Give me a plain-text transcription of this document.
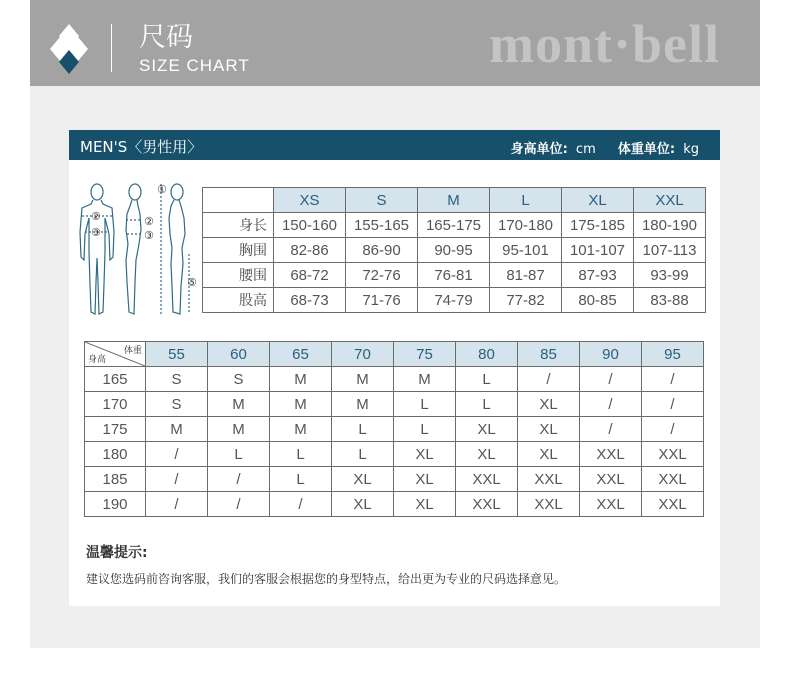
尺码
SIZE CHART	mont·bell
MEN'S〈男性用〉	身高单位: cm 体重单位: kg
①
②
③
②
③
⑤
	XS	S	M	L	XL	XXL
身长	150-160	155-165	165-175	170-180	175-185	180-190
胸围	82-86	86-90	90-95	95-101	101-107	107-113
腰围	68-72	72-76	76-81	81-87	87-93	93-99
股高	68-73	71-76	74-79	77-82	80-85	83-88
体重
身高	55	60	65	70	75	80	85	90	95
165	S	S	M	M	M	L	/	/	/
170	S	M	M	M	L	L	XL	/	/
175	M	M	M	L	L	XL	XL	/	/
180	/	L	L	L	XL	XL	XL	XXL	XXL
185	/	/	L	XL	XL	XXL	XXL	XXL	XXL
190	/	/	/	XL	XL	XXL	XXL	XXL	XXL
温馨提示:
建议您选码前咨询客服，我们的客服会根据您的身型特点，给出更为专业的尺码选择意见。
